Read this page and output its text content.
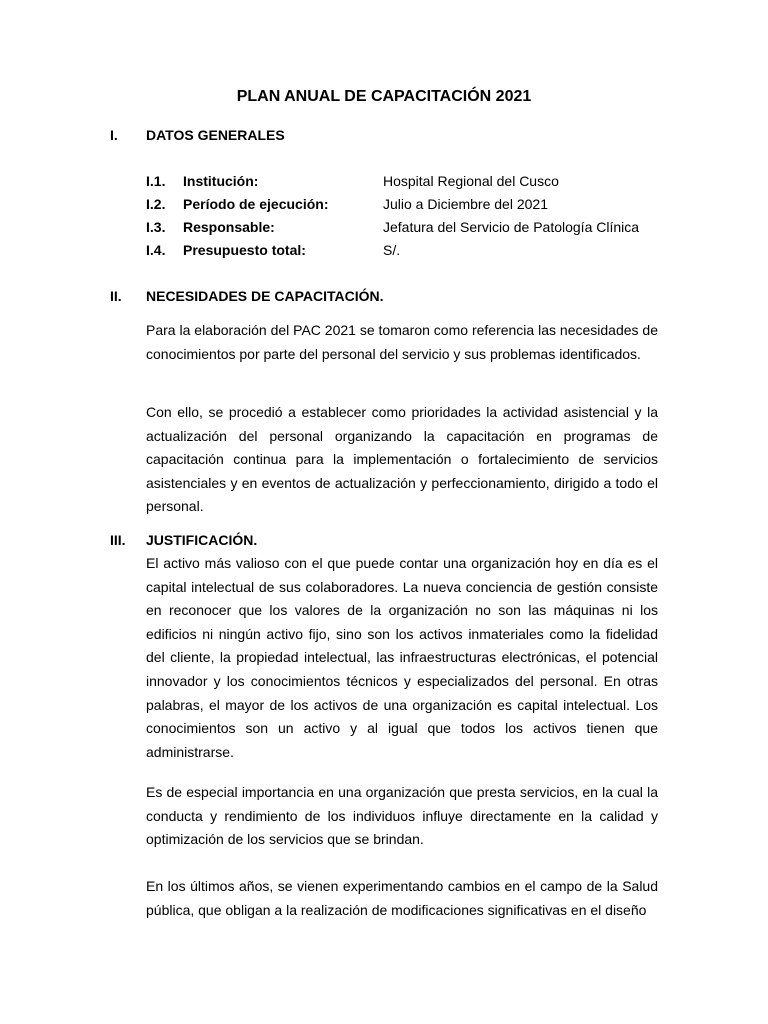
PLAN ANUAL DE CAPACITACIÓN 2021
I. DATOS GENERALES
I.1. Institución:	Hospital Regional del Cusco
I.2. Período de ejecución:	Julio a Diciembre del 2021
I.3. Responsable:	Jefatura del Servicio de Patología Clínica
I.4. Presupuesto total:	S/.
II. NECESIDADES DE CAPACITACIÓN.

Para la elaboración del PAC 2021 se tomaron como referencia las necesidades de conocimientos por parte del personal del servicio y sus problemas identificados.

Con ello, se procedió a establecer como prioridades la actividad asistencial y la actualización del personal organizando la capacitación en programas de capacitación continua para la implementación o fortalecimiento de servicios asistenciales y en eventos de actualización y perfeccionamiento, dirigido a todo el personal.

III. JUSTIFICACIÓN.

El activo más valioso con el que puede contar una organización hoy en día es el capital intelectual de sus colaboradores. La nueva conciencia de gestión consiste en reconocer que los valores de la organización no son las máquinas ni los edificios ni ningún activo fijo, sino son los activos inmateriales como la fidelidad del cliente, la propiedad intelectual, las infraestructuras electrónicas, el potencial innovador y los conocimientos técnicos y especializados del personal. En otras palabras, el mayor de los activos de una organización es capital intelectual. Los conocimientos son un activo y al igual que todos los activos tienen que administrarse.

Es de especial importancia en una organización que presta servicios, en la cual la conducta y rendimiento de los individuos influye directamente en la calidad y optimización de los servicios que se brindan.

En los últimos años, se vienen experimentando cambios en el campo de la Salud pública, que obligan a la realización de modificaciones significativas en el diseño
